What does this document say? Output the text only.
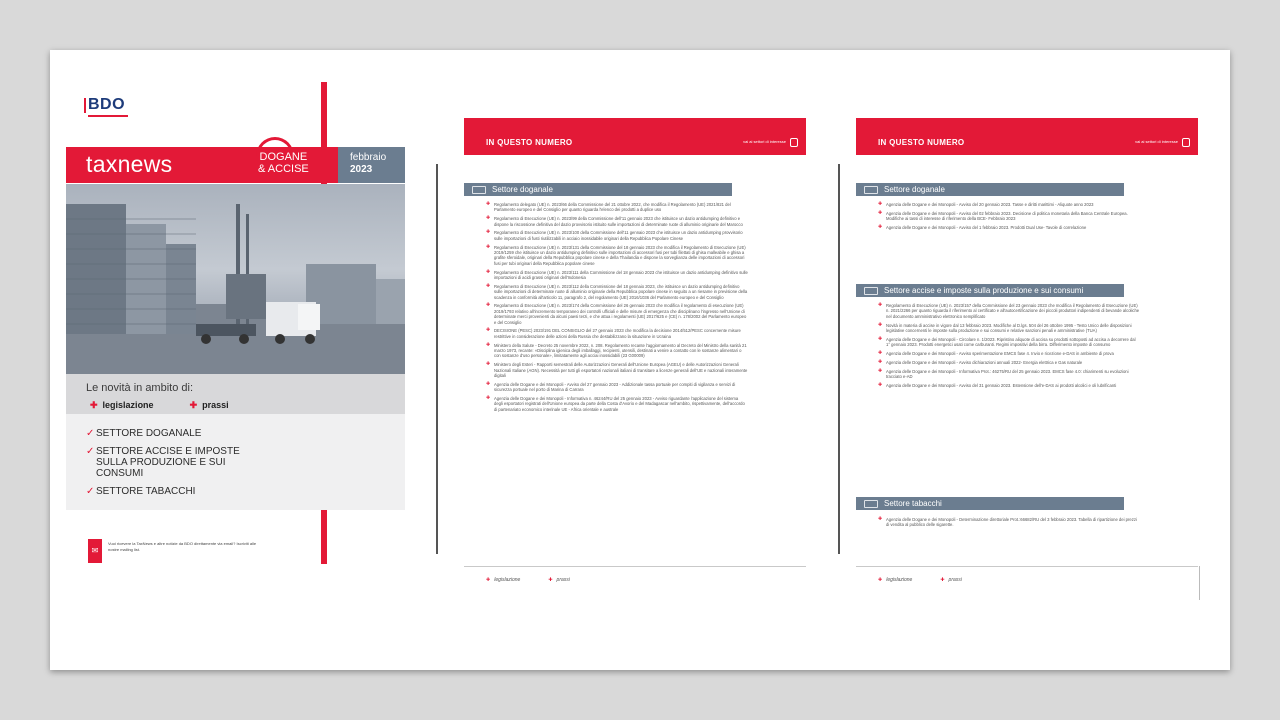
BDO
taxnews	DOGANE
& ACCISE
febbraio
2023
Le novità in ambito di:
✚ legislazione	✚ prassi
✓ SETTORE DOGANALE
✓ SETTORE ACCISE E IMPOSTE SULLA PRODUZIONE E SUI CONSUMI
✓ SETTORE TABACCHI
✉
Vuoi ricevere la TaxNews e altre notizie da BDO direttamente via email? Iscriviti alle nostre mailing list.
IN QUESTO NUMERO	vai ai settori di interesse
Settore doganale
✚ Regolamento delegato (UE) n. 2023/66 della Commissione del 21 ottobre 2022, che modifica il Regolamento (UE) 2021/821 del Parlamento europeo e del Consiglio per quanto riguarda l'elenco dei prodotti a duplice uso
✚ Regolamento di Esecuzione (UE) n. 2023/99 della Commissione dell'11 gennaio 2023 che istituisce un dazio antidumping definitivo e dispone la riscossione definitiva del dazio provvisorio istituito sulle importazioni di determinate ruote di alluminio originarie del Marocco
✚ Regolamento di Esecuzione (UE) n. 2023/100 della Commissione dell'11 gennaio 2023 che istituisce un dazio antidumping provvisorio sulle importazioni di fusti riutilizzabili in acciaio inossidabile originari della Repubblica Popolare Cinese
✚ Regolamento di Esecuzione (UE) n. 2023/131 della Commissione del 18 gennaio 2023 che modifica il Regolamento di Esecuzione (UE) 2019/1259 che istituisce un dazio antidumping definitivo sulle importazioni di accessori fusi per tubi filettati di ghisa malleabile e ghisa a grafite sferoidale, originari della Repubblica popolare cinese e della Thailandia e dispone la sorveglianza delle importazioni di accessori fusi per tubi originari della Repubblica popolare cinese
✚ Regolamento di Esecuzione (UE) n. 2023/111 della Commissione del 18 gennaio 2023 che istituisce un dazio antidumping definitivo sulle importazioni di acidi grassi originari dell'Indonesia
✚ Regolamento di Esecuzione (UE) n. 2023/112 della Commissione del 18 gennaio 2023, che istituisce un dazio antidumping definitivo sulle importazioni di determinate ruote di alluminio originarie della Repubblica popolare cinese in seguito a un riesame in previsione della scadenza in conformità all'articolo 11, paragrafo 2, del regolamento (UE) 2016/1036 del Parlamento europeo e del Consiglio
✚ Regolamento di Esecuzione (UE) n. 2023/174 della Commissione del 26 gennaio 2023 che modifica il regolamento di esecuzione (UE) 2019/1793 relativo all'incremento temporaneo dei controlli ufficiali e delle misure di emergenza che disciplinano l'ingresso nell'Unione di determinate merci provenienti da alcuni paesi terzi, e che attua i regolamenti (UE) 2017/625 e (CE) n. 178/2002 del Parlamento europeo e del Consiglio
✚ DECISIONE (PESC) 2023/191 DEL CONSIGLIO del 27 gennaio 2023 che modifica la decisione 2014/512/PESC concernente misure restrittive in considerazione delle azioni della Russia che destabilizzano la situazione in Ucraina
✚ Ministero della Salute - Decreto 25 novembre 2022, n. 208. Regolamento recante l'aggiornamento al Decreto del Ministro della sanità 21 marzo 1973, recante: «Disciplina igienica degli imballaggi, recipienti, utensili, destinati a venire a contatto con le sostanze alimentari o con sostanze d'uso personale», limitatamente agli acciai inossidabili (23 G00009)
✚ Ministero degli Esteri - Rapporti semestrali delle Autorizzazioni Generali dell'Unione Europea (AGEU) e delle Autorizzazioni Generali Nazionali Italiane (AGN). Necessità per tutti gli esportatori nazionali italiani di transitare a licenze generali dell'UE e nazionali interamente digitali
✚ Agenzia delle Dogane e dei Monopoli - Avviso del 27 gennaio 2023 - Addizionale tassa portuale per compiti di vigilanza e servizi di sicurezza portuale nel porto di Marina di Carrara
✚ Agenzia delle Dogane e dei Monopoli - Informativa n. 46244/RU del 25 gennaio 2023 - Avviso riguardante l'applicazione del sistema degli esportatori registrati dell'Unione europea da parte della Costa d'Avorio e del Madagascar nell'ambito, rispettivamente, dell'accordo di partenariato economico interinale UE - Africa orientale e australe
✚ legislazione	✚ prassi
IN QUESTO NUMERO	vai ai settori di interesse
Settore doganale
✚ Agenzia delle Dogane e dei Monopoli - Avviso del 20 gennaio 2023. Tasse e diritti marittimi - Aliquote anno 2023
✚ Agenzia delle Dogane e dei Monopoli - Avviso del 02 febbraio 2023. Decisione di politica monetaria della Banca Centrale Europea. Modifiche ai tassi di interesse di riferimento della BCE- Febbraio 2023
✚ Agenzia delle Dogane e dei Monopoli - Avviso del 1 febbraio 2023. Prodotti Dual Use- Tavole di correlazione
Settore accise e imposte sulla produzione e sui consumi
✚ Regolamento di Esecuzione (UE) n. 2023/157 della Commissione del 23 gennaio 2023 che modifica il Regolamento di Esecuzione (UE) n. 2021/2266 per quanto riguarda il riferimento al certificato e all'autocertificazione dei piccoli produttori indipendenti di bevande alcoliche nel documento amministrativo elettronico semplificato
✚ Novità in materia di accise in vigore dal 13 febbraio 2023. Modifiche al D.lgs. 504 del 26 ottobre 1995 - Testo Unico delle disposizioni legislative concernenti le imposte sulla produzione e sui consumi e relative sanzioni penali e amministrative (TUA)
✚ Agenzia delle Dogane e dei Monopoli - Circolare n. 1/2023. Ripristino aliquote di accisa su prodotti sottoposti ad accisa a decorrere dal 1° gennaio 2023. Prodotti energetici usati come carburanti. Regimi impositivi della birra. Differimento imposte di consumo
✚ Agenzia delle Dogane e dei Monopoli - Avviso sperimentazione EMCS fase 4. Invio e ricezione e-DAS in ambiente di prova
✚ Agenzia delle Dogane e dei Monopoli - Avviso dichiarazioni annuali 2022- Energia elettrica e Gas naturale
✚ Agenzia delle Dogane e dei Monopoli - Informativa Prot.: 46275/RU del 25 gennaio 2023. EMCS fase 4.0: chiarimenti su evoluzioni tracciato e-AD
✚ Agenzia delle Dogane e dei Monopoli - Avviso del 31 gennaio 2023. Estensione dell'e-DAS ai prodotti alcolici e oli lubrificanti
Settore tabacchi
✚ Agenzia delle Dogane e dei Monopoli - Determinazione direttoriale Prot.:66682/RU del 3 febbraio 2023. Tabella di ripartizione dei prezzi di vendita al pubblico delle sigarette.
✚ legislazione	✚ prassi
